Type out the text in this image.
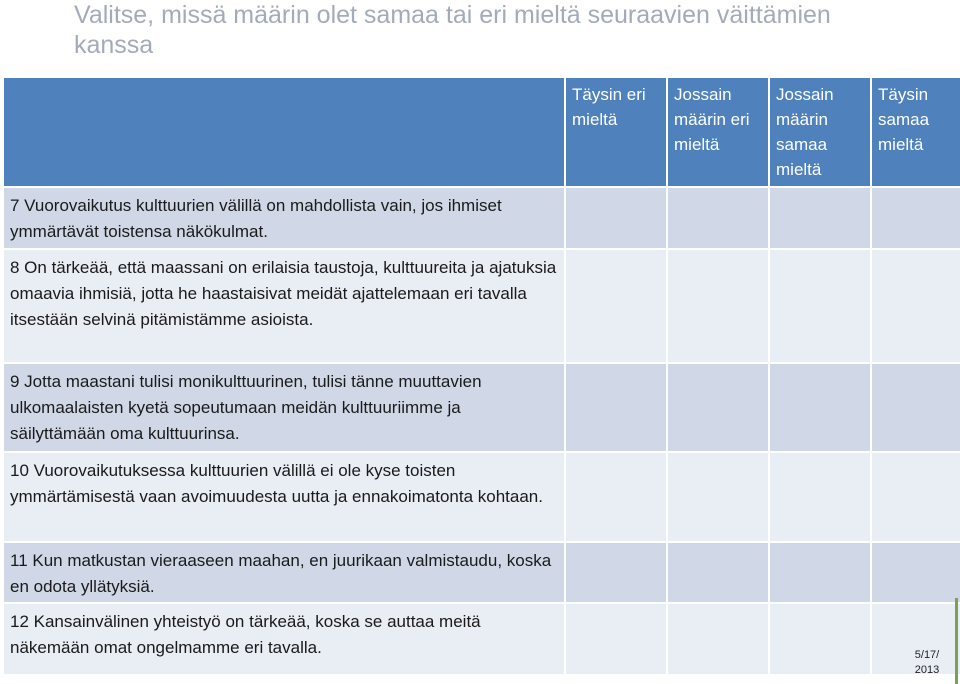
Valitse, missä määrin olet samaa tai eri mieltä seuraavien väittämien kanssa
	Täysin eri mieltä	Jossain määrin eri mieltä	Jossain määrin samaa mieltä	Täysin samaa mieltä
7 Vuorovaikutus kulttuurien välillä on mahdollista vain, jos ihmiset ymmärtävät toistensa näkökulmat.				
8 On tärkeää, että maassani on erilaisia taustoja, kulttuureita ja ajatuksia omaavia ihmisiä, jotta he haastaisivat meidät ajattelemaan eri tavalla itsestään selvinä pitämistämme asioista.				
9 Jotta maastani tulisi monikulttuurinen, tulisi tänne muuttavien ulkomaalaisten kyetä sopeutumaan meidän kulttuuriimme ja säilyttämään oma kulttuurinsa.				
10 Vuorovaikutuksessa kulttuurien välillä ei ole kyse toisten ymmärtämisestä vaan avoimuudesta uutta ja ennakoimatonta kohtaan.				
11 Kun matkustan vieraaseen maahan, en juurikaan valmistaudu, koska en odota yllätyksiä.				
12 Kansainvälinen yhteistyö on tärkeää, koska se auttaa meitä näkemään omat ongelmamme eri tavalla.					5/17/ 2013
